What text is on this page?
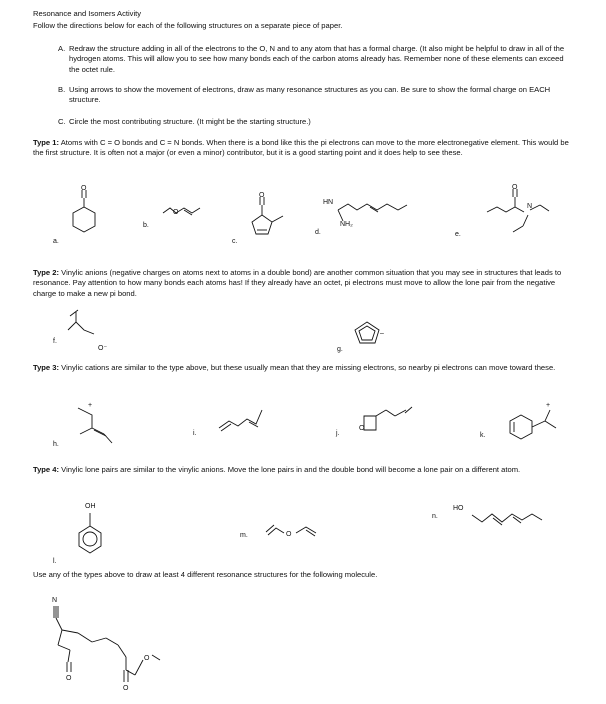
Resonance and Isomers Activity
Follow the directions below for each of the following structures on a separate piece of paper.
A. Redraw the structure adding in all of the electrons to the O, N and to any atom that has a formal charge. (It also might be helpful to draw in all of the hydrogen atoms. This will allow you to see how many bonds each of the carbon atoms already has. Remember none of these elements can exceed the octet rule.
B. Using arrows to show the movement of electrons, draw as many resonance structures as you can. Be sure to show the formal charge on EACH structure.
C. Circle the most contributing structure. (It might be the starting structure.)
Type 1: Atoms with C = O bonds and C = N bonds. When there is a bond like this the pi electrons can move to the more electronegative element. This would be the first structure. It is often not a major (or even a minor) contributor, but it is a good starting point and it does help to see these.
Type 2: Vinylic anions (negative charges on atoms next to atoms in a double bond) are another common situation that you may see in structures that leads to resonance. Pay attention to how many bonds each atoms has! If they already have an octet, pi electrons must move to allow the lone pair from the negative charge to make a new pi bond.
Type 3: Vinylic cations are similar to the type above, but these usually mean that they are missing electrons, so nearby pi electrons can move toward these.
Type 4: Vinylic lone pairs are similar to the vinylic anions. Move the lone pairs in and the double bond will become a lone pair on a different atom.
Use any of the types above to draw at least 4 different resonance structures for the following molecule.
a.
b.
c.
d.	e.
f.
g.
h.
i.	j.	k.
l.
m.
n.
HN
NH₂
N
O⁻
–
+	+
OH	HO
N
O
O
O
O
O
O
O
O
O
